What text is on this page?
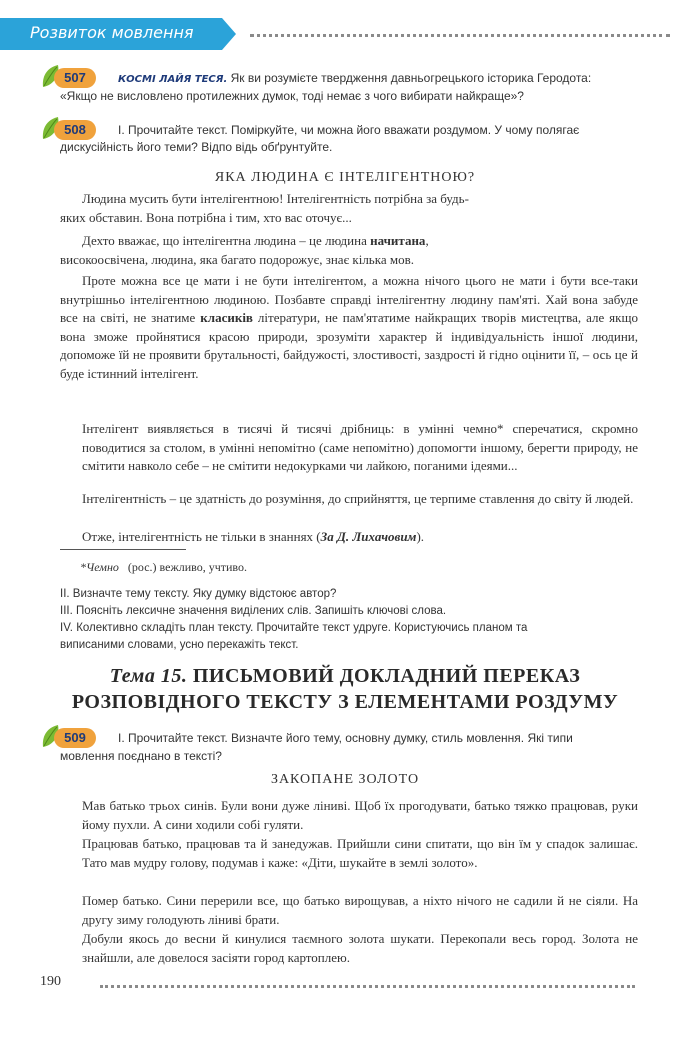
Розвиток мовлення
507	КОСМІ ЛАЙЯ ТЕСЯ. Як ви розумієте твердження давньогрецького історика Геродота:
«Якщо не висловлено протилежних думок, тоді немає з чого вибирати найкраще»?
508	І. Прочитайте текст. Поміркуйте, чи можна його вважати роздумом. У чому полягає
дискусійність його теми? Відпо відь обґрунтуйте.
ЯКА ЛЮДИНА Є ІНТЕЛІГЕНТНОЮ?
Людина мусить бути інтелігентною! Інтелігентність потрібна за будь-
яких обставин. Вона потрібна і тим, хто вас оточує...
Дехто вважає, що інтелігентна людина – це людина начитана,
високоосвічена, людина, яка багато подорожує, знає кілька мов.
Проте можна все це мати і не бути інтелігентом, а можна нічого цього не мати і бути все-таки внутрішньо інтелігентною людиною. Позбавте справді інтелігентну людину пам'яті. Хай вона забуде все на світі, не знатиме класиків літератури, не пам'ятатиме найкращих творів мистецтва, але якщо вона зможе пройнятися красою природи, зрозуміти характер й індивідуальність іншої людини, допоможе їй не проявити брутальності, байдужості, злостивості, заздрості й гідно оцінити її, – ось це й буде істинний інтелігент.
Інтелігент виявляється в тисячі й тисячі дрібниць: в умінні чемно* сперечатися, скромно поводитися за столом, в умінні непомітно (саме непомітно) допомогти іншому, берегти природу, не смітити навколо себе – не смітити недокурками чи лайкою, поганими ідеями...
Інтелігентність – це здатність до розуміння, до сприйняття, це терпиме ставлення до світу й людей.
Отже, інтелігентність не тільки в знаннях (За Д. Лихачовим).
*Чемно (рос.) вежливо, учтиво.
ІІ. Визначте тему тексту. Яку думку відстоює автор?
ІІІ. Поясніть лексичне значення виділених слів. Запишіть ключові слова.
ІV. Колективно складіть план тексту. Прочитайте текст удруге. Користуючись планом та
виписаними словами, усно перекажіть текст.
Тема 15. ПИСЬМОВИЙ ДОКЛАДНИЙ ПЕРЕКАЗ
РОЗПОВІДНОГО ТЕКСТУ З ЕЛЕМЕНТАМИ РОЗДУМУ
509	І. Прочитайте текст. Визначте його тему, основну думку, стиль мовлення. Які типи
мовлення поєднано в тексті?
ЗАКОПАНЕ ЗОЛОТО
Мав батько трьох синів. Були вони дуже ліниві. Щоб їх прогодувати, батько тяжко працював, руки йому пухли. А сини ходили собі гуляти.
Працював батько, працював та й занедужав. Прийшли сини спитати, що він їм у спадок залишає. Тато мав мудру голову, подумав і каже: «Діти, шукайте в землі золото».
Помер батько. Сини перерили все, що батько вирощував, а ніхто нічого не садили й не сіяли. На другу зиму голодують ліниві брати.
Добули якось до весни й кинулися таємного золота шукати. Перекопали весь город. Золота не знайшли, але довелося засіяти город картоплею.
190
